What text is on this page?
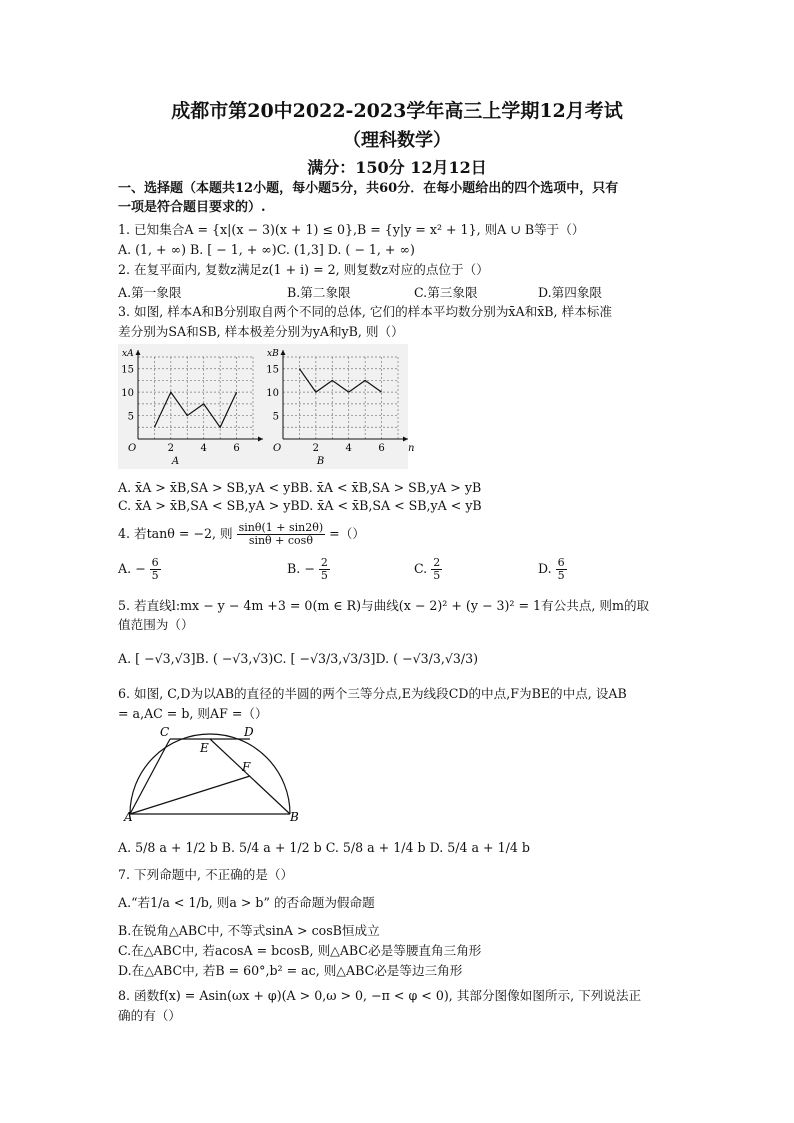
成都市第20中2022-2023学年高三上学期12月考试
（理科数学）
满分：150分 12月12日
一、选择题（本题共12小题，每小题5分，共60分．在每小题给出的四个选项中，只有
一项是符合题目要求的）.
1. 已知集合A = {x|(x − 3)(x + 1) ≤ 0},B = {y|y = x² + 1}, 则A ∪ B等于（）
A. (1, + ∞) B. [ − 1, + ∞)C. (1,3] D. ( − 1, + ∞)
2. 在复平面内, 复数z满足z(1 + i) = 2, 则复数z对应的点位于（）
A.第一象限	B.第二象限	C.第三象限	D.第四象限
3. 如图, 样本A和B分别取自两个不同的总体, 它们的样本平均数分别为x̄A和x̄B, 样本标准
差分别为SA和SB, 样本极差分别为yA和yB, 则（）
5
10
15
2	4	6
O
xA
A
5
10
15
2	4	6
O
xB
n
B
A. x̄A > x̄B,SA > SB,yA < yBB. x̄A < x̄B,SA > SB,yA > yB
C. x̄A > x̄B,SA < SB,yA > yBD. x̄A < x̄B,SA < SB,yA < yB
4. 若tanθ = −2, 则 $\frac{\sin\theta(1 + \sin 2\theta)}{\sin\theta + \cos\theta}$ =（）
A. − $\frac{6}{5}$	B. − $\frac{2}{5}$	C. $\frac{2}{5}$	D. $\frac{6}{5}$
5. 若直线l:mx − y − 4m +3 = 0(m ∈ R)与曲线(x − 2)² + (y − 3)² = 1有公共点, 则m的取
值范围为（）
A. [ −√3,√3]B. ( −√3,√3)C. [ −√3/3,√3/3]D. ( −√3/3,√3/3)
6. 如图, C,D为以AB的直径的半圆的两个三等分点,E为线段CD的中点,F为BE的中点, 设AB
= a,AC = b, 则AF =（）
C	D
E
F
A	B
A. 5/8 a + 1/2 b B. 5/4 a + 1/2 b C. 5/8 a + 1/4 b D. 5/4 a + 1/4 b
7. 下列命题中, 不正确的是（）
A.“若1/a < 1/b, 则a > b” 的否命题为假命题
B.在锐角△ABC中, 不等式sinA > cosB恒成立
C.在△ABC中, 若acosA = bcosB, 则△ABC必是等腰直角三角形
D.在△ABC中, 若B = 60°,b² = ac, 则△ABC必是等边三角形
8. 函数f(x) = Asin(ωx + φ)(A > 0,ω > 0, −π < φ < 0), 其部分图像如图所示, 下列说法正
确的有（）
